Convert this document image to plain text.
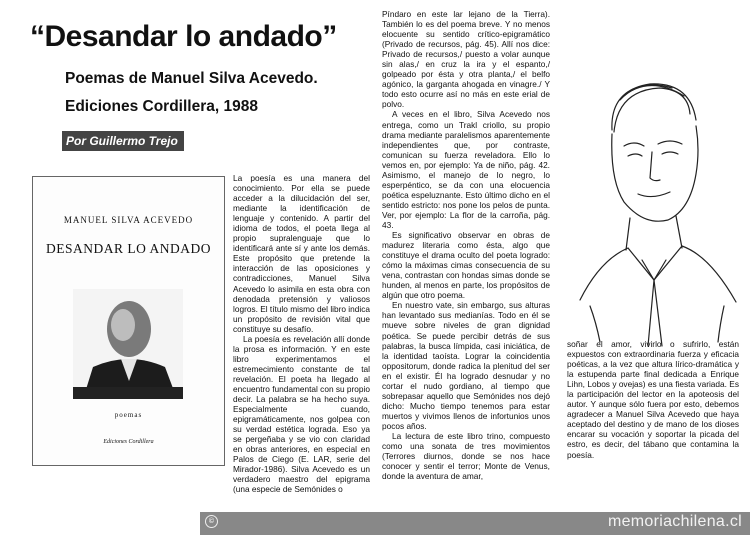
“Desandar lo andado”
Poemas de Manuel Silva Acevedo.
Ediciones Cordillera, 1988
Por Guillermo Trejo
MANUEL SILVA ACEVEDO
DESANDAR LO ANDADO
poemas
Ediciones Cordillera

La poesía es una manera del conocimiento. Por ella se puede acceder a la dilucidación del ser, mediante la identificación de lenguaje y contenido. A partir del idioma de todos, el poeta llega al propio supralenguaje que lo identificará ante sí y ante los demás. Este propósito que pretende la interacción de las oposiciones y contradicciones, Manuel Silva Acevedo lo asimila en esta obra con denodada pretensión y valiosos logros. El título mismo del libro indica un propósito de revisión vital que constituye su desafío.

La poesía es revelación allí donde la prosa es información. Y en este libro experimentamos el estremecimiento constante de tal revelación. El poeta ha llegado al encuentro fundamental con su propio decir. La palabra se ha hecho suya. Especialmente cuando, epigramáticamente, nos golpea con su verdad estética lograda. Eso ya se pergeñaba y se vio con claridad en obras anteriores, en especial en Palos de Ciego (E. LAR, serie del Mirador-1986). Silva Acevedo es un verdadero maestro del epigrama (una especie de Semónides o

Píndaro en este lar lejano de la Tierra). También lo es del poema breve. Y no menos elocuente su sentido crítico-epigramático (Privado de recursos, pág. 45). Allí nos dice: Privado de recursos,/ puesto a volar aunque sin alas,/ en cruz la ira y el espanto,/ golpeado por ésta y otra planta,/ el belfo agónico, la garganta ahogada en vinagre./ Y todo esto ocurre así no más en este erial de polvo.

A veces en el libro, Silva Acevedo nos entrega, como un Trakl criollo, su propio drama mediante paralelismos aparentemente independientes que, por contraste, comunican su fuerza reveladora. Ello lo vemos en, por ejemplo: Ya de niño, pág. 42. Asimismo, el manejo de lo negro, lo esperpéntico, se da con una elocuencia poética espeluznante. Esto último dicho en el sentido estricto: nos pone los pelos de punta. Ver, por ejemplo: La flor de la carroña, pág. 43.

Es significativo observar en obras de madurez literaria como ésta, algo que constituye el drama oculto del poeta logrado: cómo la máximas cimas consecuencia de su vena, contrastan con hondas simas donde se hunden, al menos en parte, los propósitos de algún que otro poema.

En nuestro vate, sin embargo, sus alturas han levantado sus medianías. Todo en él se mueve sobre niveles de gran dignidad poética. Se puede percibir detrás de sus palabras, la busca límpida, casi iniciática, de la identidad taoísta. Lograr la coincidentia oppositorum, donde radica la plenitud del ser en el existir. Él ha logrado desnudar y no cortar el nudo gordiano, al tiempo que sobrepasar aquello que Semónides nos dejó dicho: Mucho tiempo tenemos para estar muertos y vivimos llenos de infortunios unos pocos años.

La lectura de este libro trino, compuesto como una sonata de tres movimientos (Terrores diurnos, donde se nos hace conocer y sentir el terror; Monte de Venus, donde la aventura de amar,

soñar el amor, vivirlo o sufrirlo, están expuestos con extraordinaria fuerza y eficacia poéticas, a la vez que altura lírico-dramática y la estupenda parte final dedicada a Enrique Lihn, Lobos y ovejas) es una fiesta variada. Es la participación del lector en la apoteosis del autor. Y aunque sólo fuera por esto, debemos agradecer a Manuel Silva Acevedo que haya aceptado del destino y de mano de los dioses encarar su vocación y soportar la picada del estro, es decir, del tábano que contamina la poesía.

©	memoriachilena.cl
